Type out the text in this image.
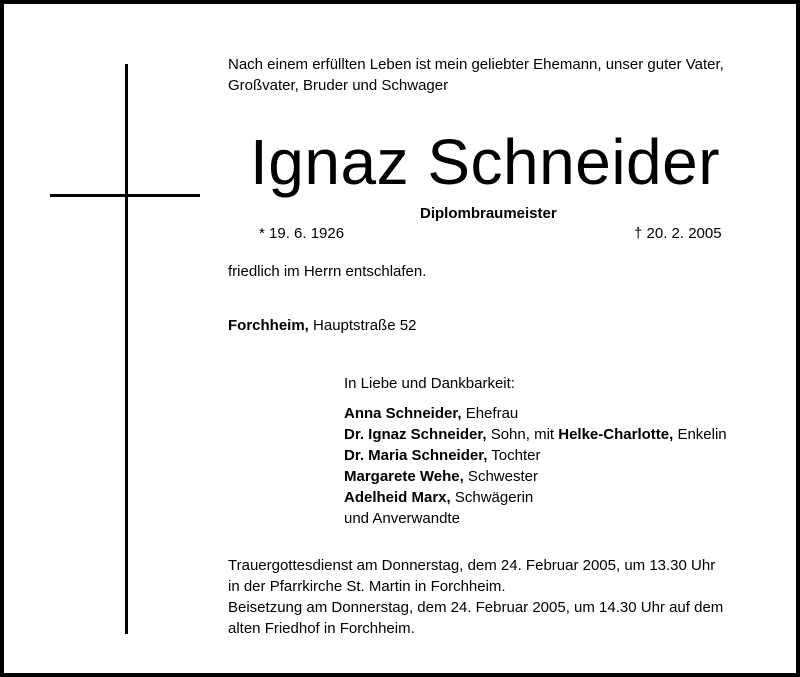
Nach einem erfüllten Leben ist mein geliebter Ehemann, unser guter Vater,
Großvater, Bruder und Schwager
Ignaz Schneider
Diplombraumeister
* 19. 6. 1926	† 20. 2. 2005
friedlich im Herrn entschlafen.
Forchheim, Hauptstraße 52
In Liebe und Dankbarkeit:
Anna Schneider, Ehefrau
Dr. Ignaz Schneider, Sohn, mit Helke-Charlotte, Enkelin
Dr. Maria Schneider, Tochter
Margarete Wehe, Schwester
Adelheid Marx, Schwägerin
und Anverwandte
Trauergottesdienst am Donnerstag, dem 24. Februar 2005, um 13.30 Uhr
in der Pfarrkirche St. Martin in Forchheim.
Beisetzung am Donnerstag, dem 24. Februar 2005, um 14.30 Uhr auf dem
alten Friedhof in Forchheim.
